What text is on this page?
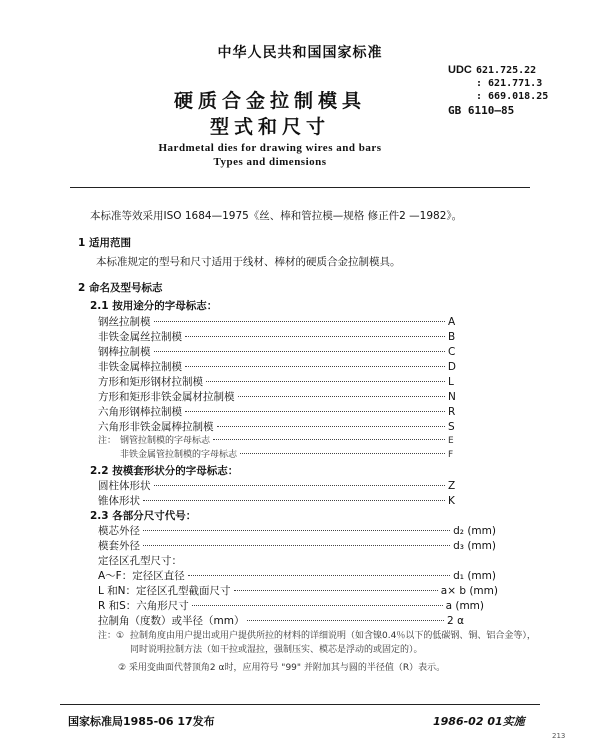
中华人民共和国国家标准
UDC 621.725.22
: 621.771.3
: 669.018.25
GB 6110—85
硬质合金拉制模具
型式和尺寸
Hardmetal dies for drawing wires and bars
Types and dimensions
本标准等效采用ISO 1684—1975《丝、棒和管拉模—规格 修正件2 —1982》。
1 适用范围
本标准规定的型号和尺寸适用于线材、棒材的硬质合金拉制模具。
2 命名及型号标志
2.1 按用途分的字母标志：
钢丝拉制模	A
非铁金属丝拉制模	B
钢棒拉制模	C
非铁金属棒拉制模	D
方形和矩形钢材拉制模	L
方形和矩形非铁金属材拉制模	N
六角形钢棒拉制模	R
六角形非铁金属棒拉制模	S
注： 钢管拉制模的字母标志	E
非铁金属管拉制模的字母标志	F
2.2 按模套形状分的字母标志：
圆柱体形状	Z
锥体形状	K
2.3 各部分尺寸代号：
模芯外径	d₂ (mm)
模套外径	d₃ (mm)
定径区孔型尺寸：
A～F：定径区直径	d₁ (mm)
L 和N：定径区孔型截面尺寸	a× b (mm)
R 和S：六角形尺寸	a (mm)
拉制角（度数）或半径（mm）	2 α
注：① 拉制角度由用户提出或用户提供所拉的材料的详细说明（如含镍0.4％以下的低碳钢、铜、铝合金等），
同时说明拉制方法（如干拉或湿拉，强制压实、模芯是浮动的或固定的）。
② 采用变曲面代替顶角2 α时，应用符号 "99" 并附加其与圆的半径值（R）表示。
国家标准局1985-06 17发布	1986-02 01实施
213
